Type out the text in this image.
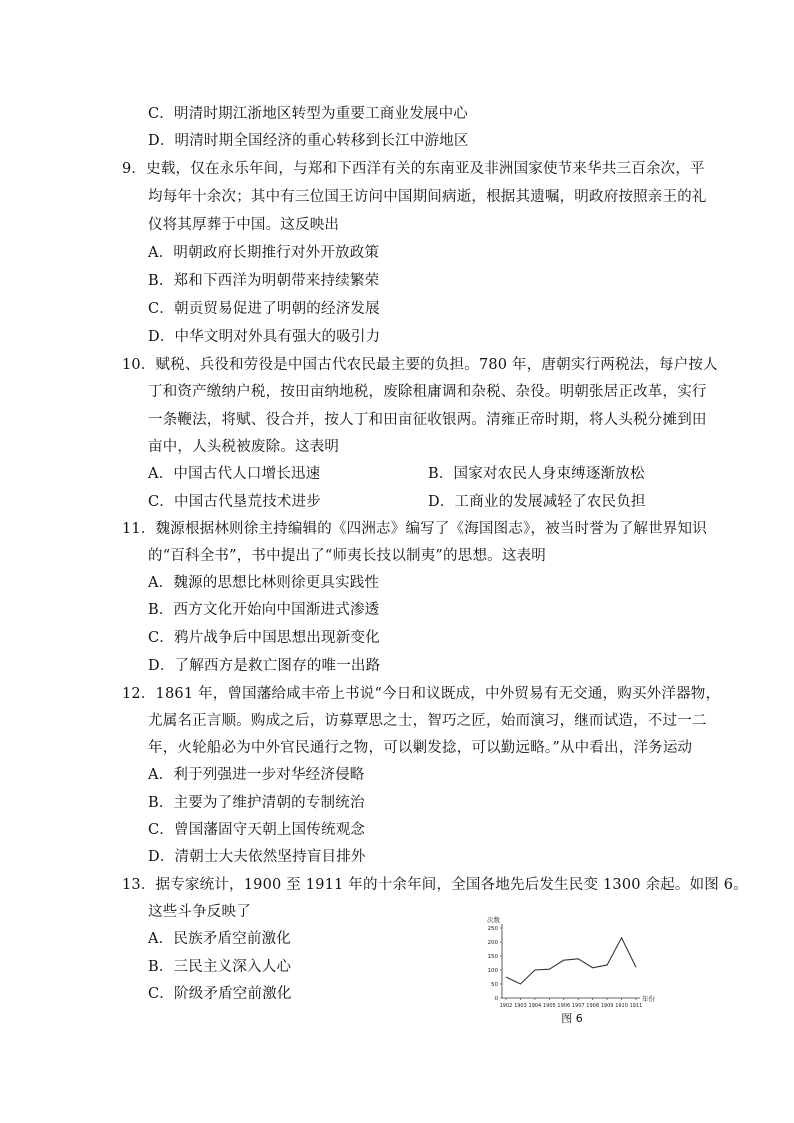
C．明清时期江浙地区转型为重要工商业发展中心
D．明清时期全国经济的重心转移到长江中游地区
9．史载，仅在永乐年间，与郑和下西洋有关的东南亚及非洲国家使节来华共三百余次，平
均每年十余次；其中有三位国王访问中国期间病逝，根据其遗嘱，明政府按照亲王的礼
仪将其厚葬于中国。这反映出
A．明朝政府长期推行对外开放政策
B．郑和下西洋为明朝带来持续繁荣
C．朝贡贸易促进了明朝的经济发展
D．中华文明对外具有强大的吸引力
10．赋税、兵役和劳役是中国古代农民最主要的负担。780 年，唐朝实行两税法，每户按人
丁和资产缴纳户税，按田亩纳地税，废除租庸调和杂税、杂役。明朝张居正改革，实行
一条鞭法，将赋、役合并，按人丁和田亩征收银两。清雍正帝时期，将人头税分摊到田
亩中，人头税被废除。这表明
A．中国古代人口增长迅速	B．国家对农民人身束缚逐渐放松
C．中国古代垦荒技术进步	D．工商业的发展减轻了农民负担
11．魏源根据林则徐主持编辑的《四洲志》编写了《海国图志》，被当时誉为了解世界知识
的“百科全书”，书中提出了“师夷长技以制夷”的思想。这表明
A．魏源的思想比林则徐更具实践性
B．西方文化开始向中国渐进式渗透
C．鸦片战争后中国思想出现新变化
D．了解西方是救亡图存的唯一出路
12．1861 年，曾国藩给咸丰帝上书说“今日和议既成，中外贸易有无交通，购买外洋器物，
尤属名正言顺。购成之后，访募覃思之士，智巧之匠，始而演习，继而试造，不过一二
年，火轮船必为中外官民通行之物，可以剿发捻，可以勤远略。”从中看出，洋务运动
A．利于列强进一步对华经济侵略
B．主要为了维护清朝的专制统治
C．曾国藩固守天朝上国传统观念
D．清朝士大夫依然坚持盲目排外
13．据专家统计，1900 至 1911 年的十余年间，全国各地先后发生民变 1300 余起。如图 6。
这些斗争反映了
A．民族矛盾空前激化
B．三民主义深入人心
C．阶级矛盾空前激化
次数
年份
图 6
0
50
100
150
200
250
1902 1903 1904 1905 1906 1907 1908 1909 1910 1911
